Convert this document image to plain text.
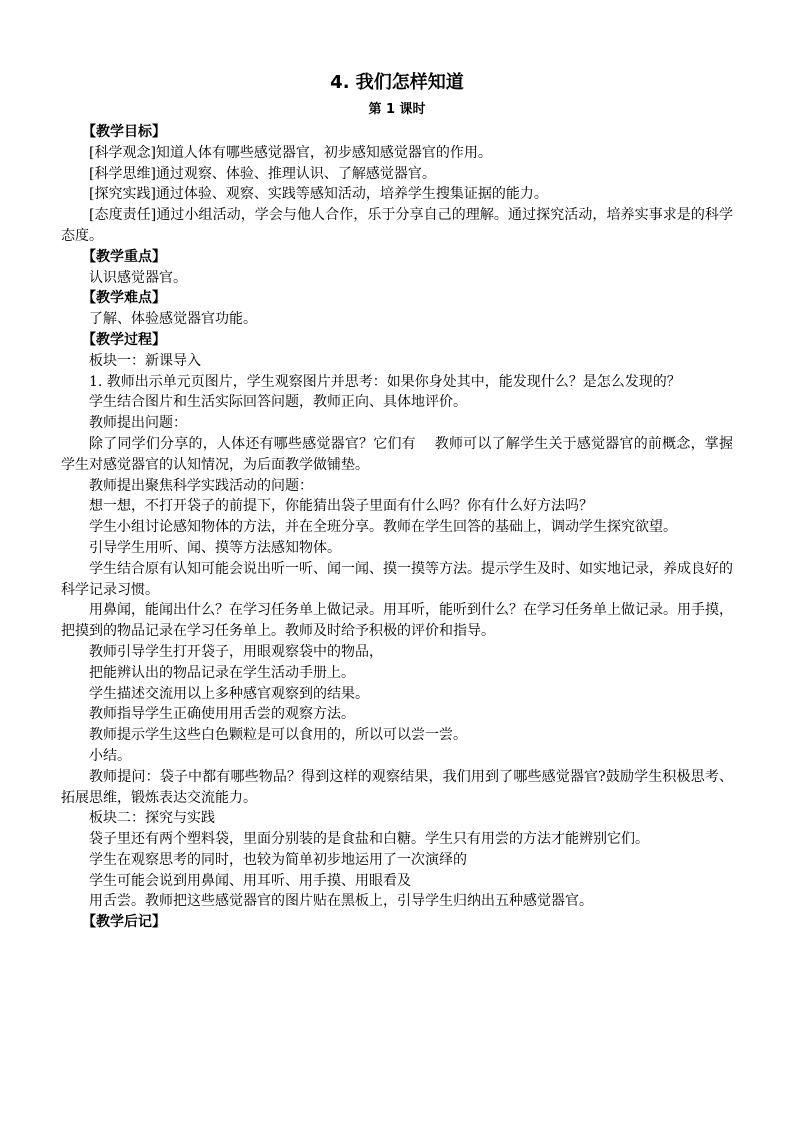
4. 我们怎样知道
第 1 课时
【教学目标】

[科学观念]知道人体有哪些感觉器官，初步感知感觉器官的作用。

[科学思维]通过观察、体验、推理认识、了解感觉器官。

[探究实践]通过体验、观察、实践等感知活动，培养学生搜集证据的能力。

[态度责任]通过小组活动，学会与他人合作，乐于分享自己的理解。通过探究活动，培养实事求是的科学态度。

【教学重点】

认识感觉器官。

【教学难点】

了解、体验感觉器官功能。

【教学过程】

板块一：新课导入

1. 教师出示单元页图片，学生观察图片并思考：如果你身处其中，能发现什么？是怎么发现的？

学生结合图片和生活实际回答问题，教师正向、具体地评价。

教师提出问题：

除了同学们分享的，人体还有哪些感觉器官？它们有　 教师可以了解学生关于感觉器官的前概念，掌握学生对感觉器官的认知情况，为后面教学做铺垫。

教师提出聚焦科学实践活动的问题：

想一想，不打开袋子的前提下，你能猜出袋子里面有什么吗？你有什么好方法吗？

学生小组讨论感知物体的方法，并在全班分享。教师在学生回答的基础上，调动学生探究欲望。

引导学生用听、闻、摸等方法感知物体。

学生结合原有认知可能会说出听一听、闻一闻、摸一摸等方法。提示学生及时、如实地记录，养成良好的科学记录习惯。

用鼻闻，能闻出什么？在学习任务单上做记录。用耳听，能听到什么？在学习任务单上做记录。用手摸，把摸到的物品记录在学习任务单上。教师及时给予积极的评价和指导。

教师引导学生打开袋子，用眼观察袋中的物品，

把能辨认出的物品记录在学生活动手册上。

学生描述交流用以上多种感官观察到的结果。

教师指导学生正确使用用舌尝的观察方法。

教师提示学生这些白色颗粒是可以食用的，所以可以尝一尝。

小结。

教师提问：袋子中都有哪些物品？得到这样的观察结果，我们用到了哪些感觉器官?鼓励学生积极思考、拓展思维，锻炼表达交流能力。

板块二：探究与实践

袋子里还有两个塑料袋，里面分别装的是食盐和白糖。学生只有用尝的方法才能辨别它们。

学生在观察思考的同时，也较为简单初步地运用了一次演绎的

学生可能会说到用鼻闻、用耳听、用手摸、用眼看及

用舌尝。教师把这些感觉器官的图片贴在黑板上，引导学生归纳出五种感觉器官。

【教学后记】
